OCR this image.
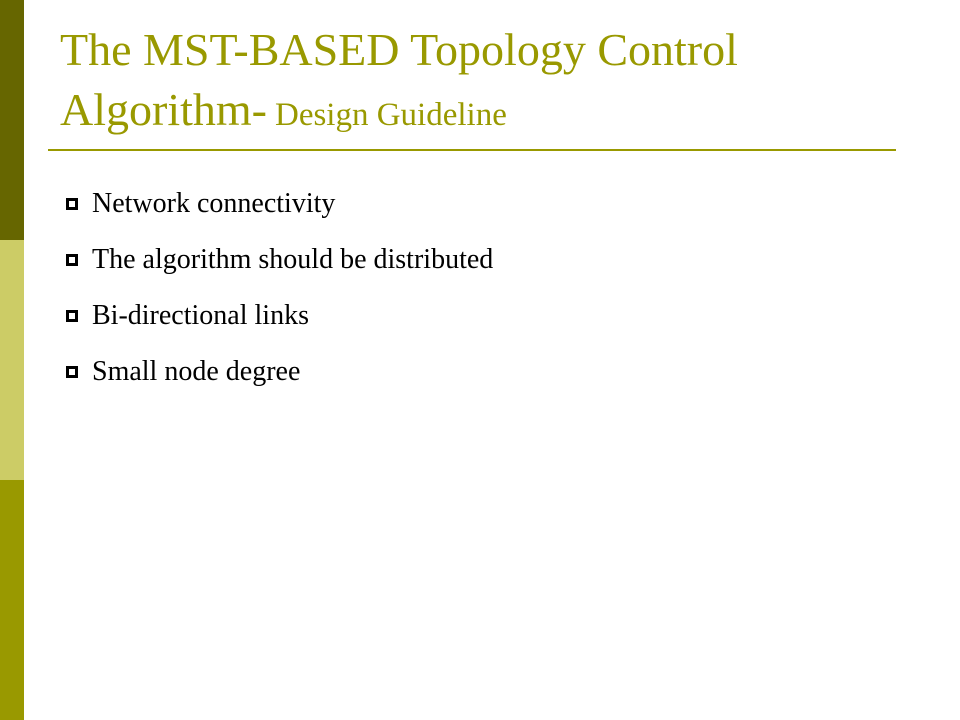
The MST-BASED Topology Control Algorithm- Design Guideline
Network connectivity
The algorithm should be distributed
Bi-directional links
Small node degree
